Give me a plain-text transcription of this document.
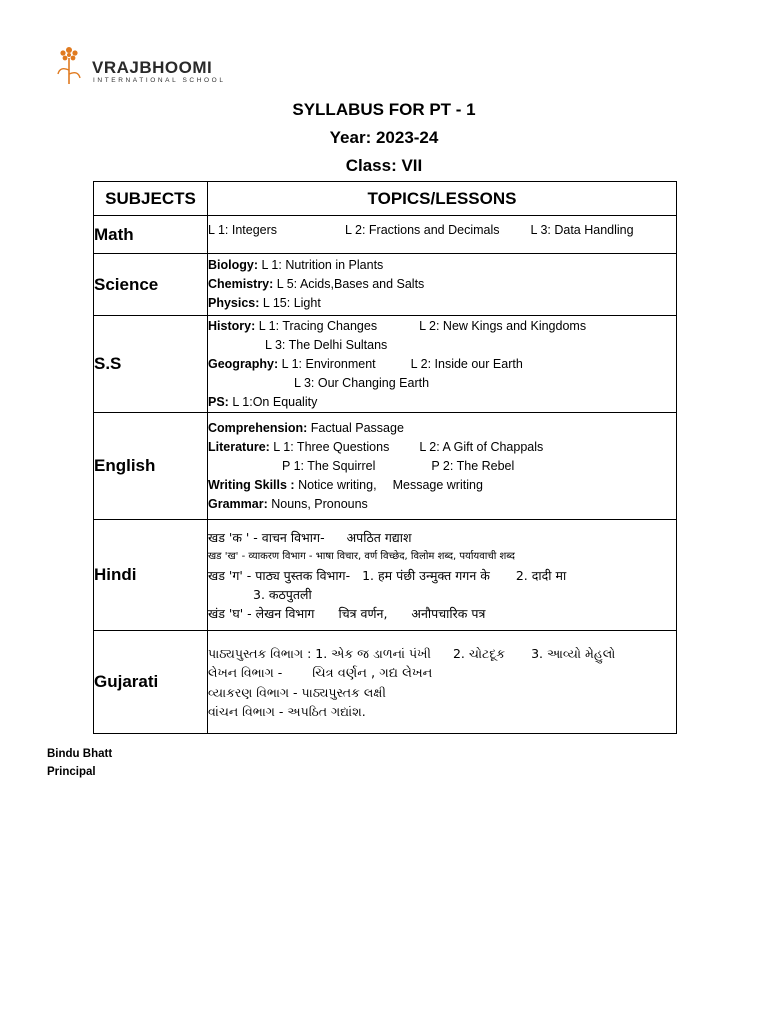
VRAJBHOOMI
INTERNATIONAL SCHOOL
SYLLABUS FOR PT - 1
Year: 2023-24
Class: VII
SUBJECTS	TOPICS/LESSONS
Math	L 1: Integers L 2: Fractions and Decimals L 3: Data Handling

Science	Biology: L 1: Nutrition in Plants
Chemistry: L 5: Acids,Bases and Salts
Physics: L 15: Light

S.S	History: L 1: Tracing Changes L 2: New Kings and Kingdoms
L 3: The Delhi Sultans
Geography: L 1: Environment L 2: Inside our Earth
L 3: Our Changing Earth
PS: L 1:On Equality

English	Comprehension: Factual Passage
Literature: L 1: Three Questions L 2: A Gift of Chappals
P 1: The Squirrel P 2: The Rebel
Writing Skills : Notice writing, Message writing
Grammar: Nouns, Pronouns

Hindi	खड 'क ' - वाचन विभाग- अपठित गद्याश
खड 'ख' - व्याकरण विभाग - भाषा विचार, वर्ण विच्छेद, विलोम शब्द, पर्यायवाची शब्द
खड 'ग' - पाठ्य पुस्तक विभाग- 1. हम पंछी उन्मुक्त गगन के 2. दादी मा
3. कठपुतली
खंड 'घ' - लेखन विभाग चित्र वर्णन, अनौपचारिक पत्र

Gujarati	પાઠ્યપુસ્તક વિભાગ : 1. એક જ ડાળનાં પંખી 2. ચોટદૂક 3. આવ્યો મેહુલો
લેખન વિભાગ - ચિત્ર વર્ણન , ગદ્ય લેખન
વ્યાકરણ વિભાગ - પાઠ્યપુસ્તક લક્ષી
વાંચન વિભાગ - અપઠિત ગદ્યાંશ.
Bindu Bhatt
Principal
